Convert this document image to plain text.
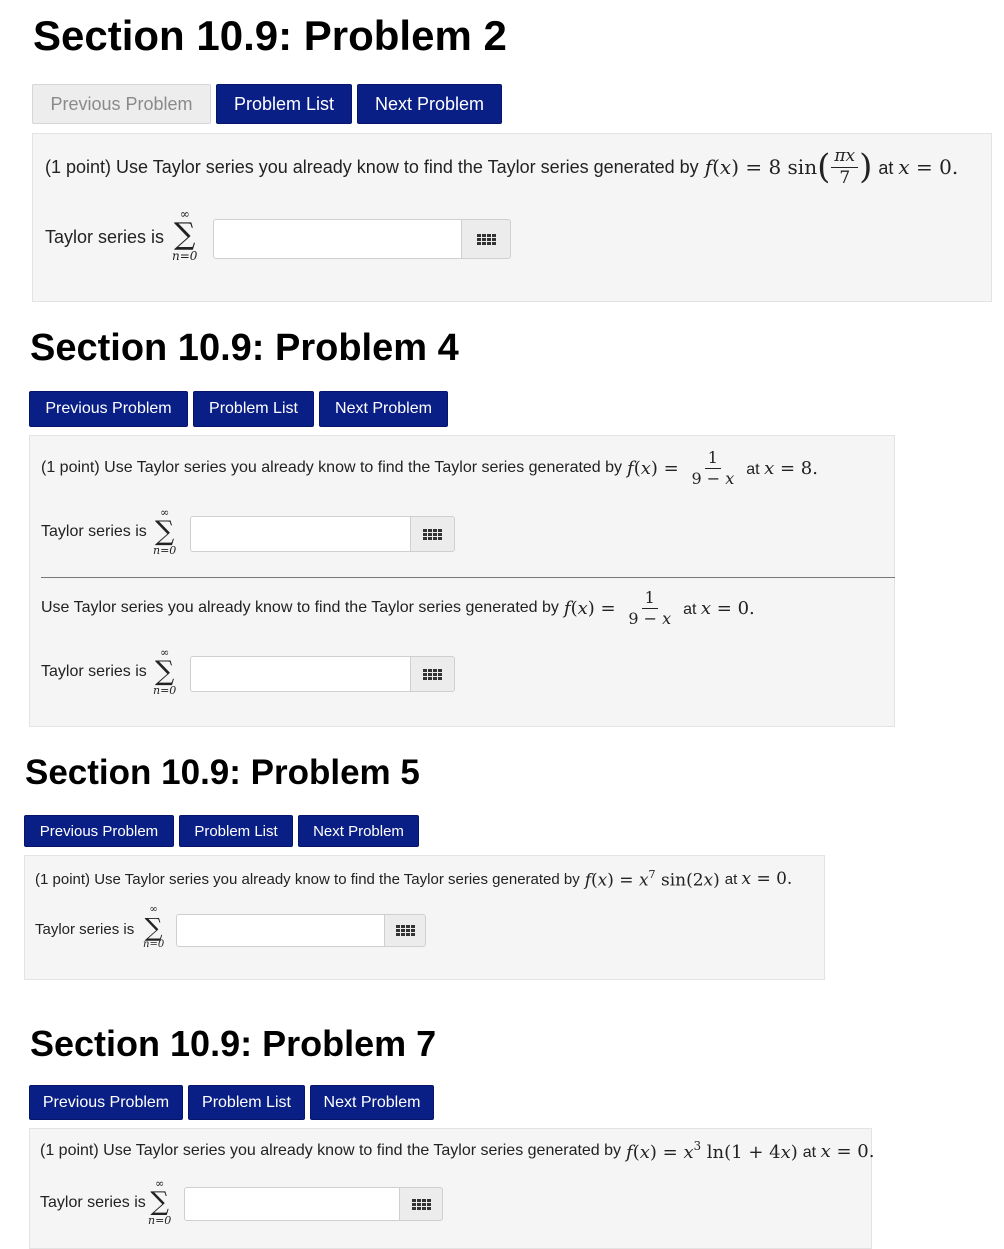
Section 10.9: Problem 2
Previous Problem	Problem List	Next Problem
(1 point) Use Taylor series you already know to find the Taylor series generated by f ( x ) = 8 sin ( $\frac{\pi x}{7}$ ) at x = 0.
Taylor series is
∞
∑
n=0
Section 10.9: Problem 4
Previous Problem	Problem List	Next Problem
(1 point) Use Taylor series you already know to find the Taylor series generated by f ( x ) = $\frac{1}{9 - x}$ at x = 8.
Taylor series is
∞
∑
n=0
Use Taylor series you already know to find the Taylor series generated by f ( x ) = $\frac{1}{9 - x}$ at x = 0.
Taylor series is
∞
∑
n=0
Section 10.9: Problem 5
Previous Problem	Problem List	Next Problem
(1 point) Use Taylor series you already know to find the Taylor series generated by $f(x) = x^7$ sin(2x) at x = 0.
Taylor series is
∞
∑
n=0
Section 10.9: Problem 7
Previous Problem	Problem List	Next Problem
(1 point) Use Taylor series you already know to find the Taylor series generated by $f(x) = x^3$ ln(1 + 4x) at x = 0.
Taylor series is
∞
∑
n=0
